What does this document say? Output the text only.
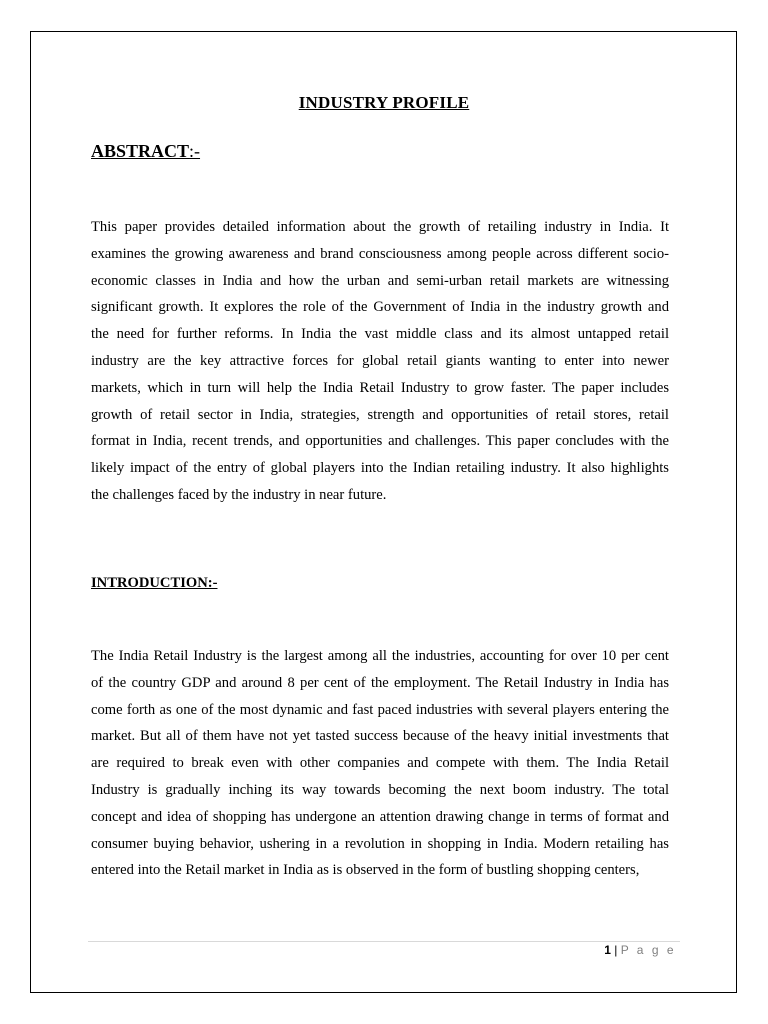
INDUSTRY PROFILE
ABSTRACT:-
This paper provides detailed information about the growth of retailing industry in India. It
examines the growing awareness and brand consciousness among people across different socio-
economic classes in India and how the urban and semi-urban retail markets are witnessing
significant growth. It explores the role of the Government of India in the industry growth and
the need for further reforms. In India the vast middle class and its almost untapped retail
industry are the key attractive forces for global retail giants wanting to enter into newer
markets, which in turn will help the India Retail Industry to grow faster. The paper includes
growth of retail sector in India, strategies, strength and opportunities of retail stores, retail
format in India, recent trends, and opportunities and challenges. This paper concludes with the
likely impact of the entry of global players into the Indian retailing industry. It also highlights
the challenges faced by the industry in near future.
INTRODUCTION:-
The India Retail Industry is the largest among all the industries, accounting for over 10 per cent
of the country GDP and around 8 per cent of the employment. The Retail Industry in India has
come forth as one of the most dynamic and fast paced industries with several players entering the
market. But all of them have not yet tasted success because of the heavy initial investments that
are required to break even with other companies and compete with them. The India Retail
Industry is gradually inching its way towards becoming the next boom industry. The total
concept and idea of shopping has undergone an attention drawing change in terms of format and
consumer buying behavior, ushering in a revolution in shopping in India. Modern retailing has
entered into the Retail market in India as is observed in the form of bustling shopping centers,
1 | P a g e
